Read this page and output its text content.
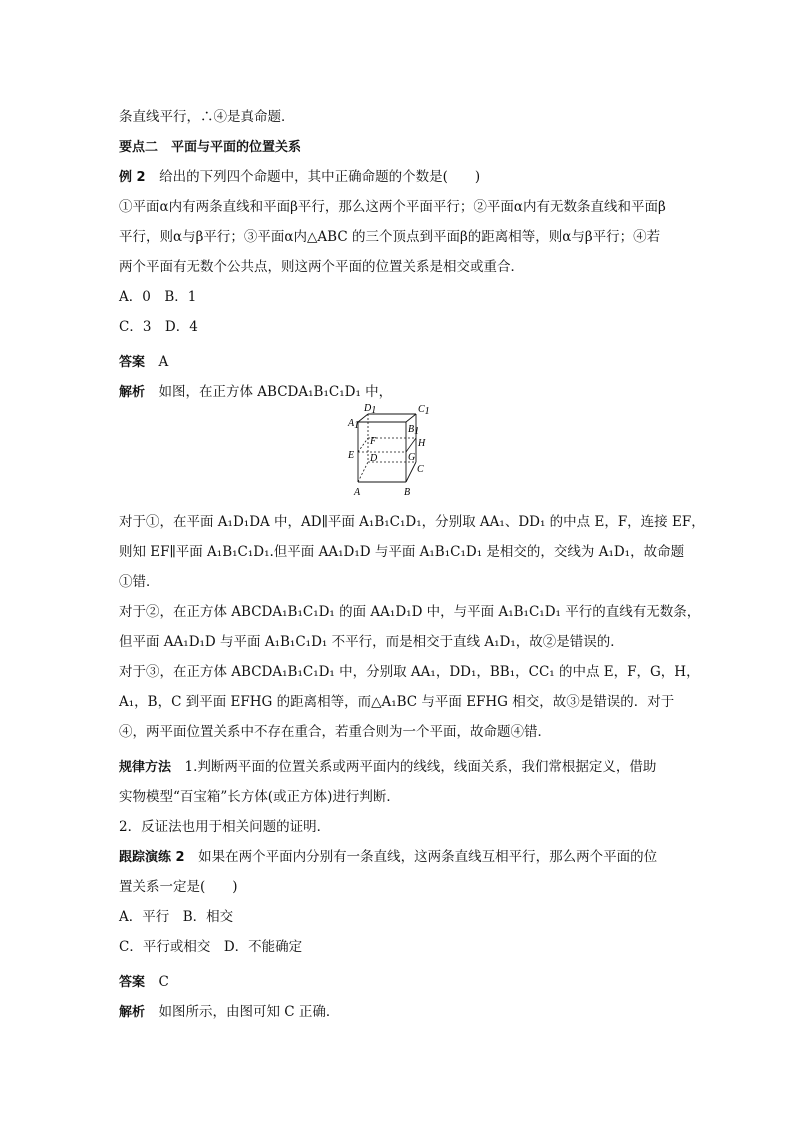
条直线平行，∴④是真命题．
要点二　平面与平面的位置关系
例 2　给出的下列四个命题中，其中正确命题的个数是(　　)
①平面α内有两条直线和平面β平行，那么这两个平面平行；②平面α内有无数条直线和平面β
平行，则α与β平行；③平面α内△ABC 的三个顶点到平面β的距离相等，则α与β平行；④若
两个平面有无数个公共点，则这两个平面的位置关系是相交或重合．
A．0　B．1
C．3　D．4
答案　A
解析　如图，在正方体 ABCDA₁B₁C₁D₁ 中，
对于①，在平面 A₁D₁DA 中，AD∥平面 A₁B₁C₁D₁，分别取 AA₁、DD₁ 的中点 E，F，连接 EF，
则知 EF∥平面 A₁B₁C₁D₁.但平面 AA₁D₁D 与平面 A₁B₁C₁D₁ 是相交的，交线为 A₁D₁，故命题
①错．
对于②，在正方体 ABCDA₁B₁C₁D₁ 的面 AA₁D₁D 中，与平面 A₁B₁C₁D₁ 平行的直线有无数条，
但平面 AA₁D₁D 与平面 A₁B₁C₁D₁ 不平行，而是相交于直线 A₁D₁，故②是错误的．
对于③，在正方体 ABCDA₁B₁C₁D₁ 中，分别取 AA₁，DD₁，BB₁，CC₁ 的中点 E，F，G，H，
A₁，B，C 到平面 EFHG 的距离相等，而△A₁BC 与平面 EFHG 相交，故③是错误的．对于
④，两平面位置关系中不存在重合，若重合则为一个平面，故命题④错．
规律方法　1.判断两平面的位置关系或两平面内的线线，线面关系，我们常根据定义，借助
实物模型“百宝箱”长方体(或正方体)进行判断．
2．反证法也用于相关问题的证明．
跟踪演练 2　如果在两个平面内分别有一条直线，这两条直线互相平行，那么两个平面的位
置关系一定是(　　)
A．平行　B．相交
C．平行或相交　D．不能确定
答案　C
解析　如图所示，由图可知 C 正确．
D1	C1
A1	B1
F	H
E D	G
C
A	B
